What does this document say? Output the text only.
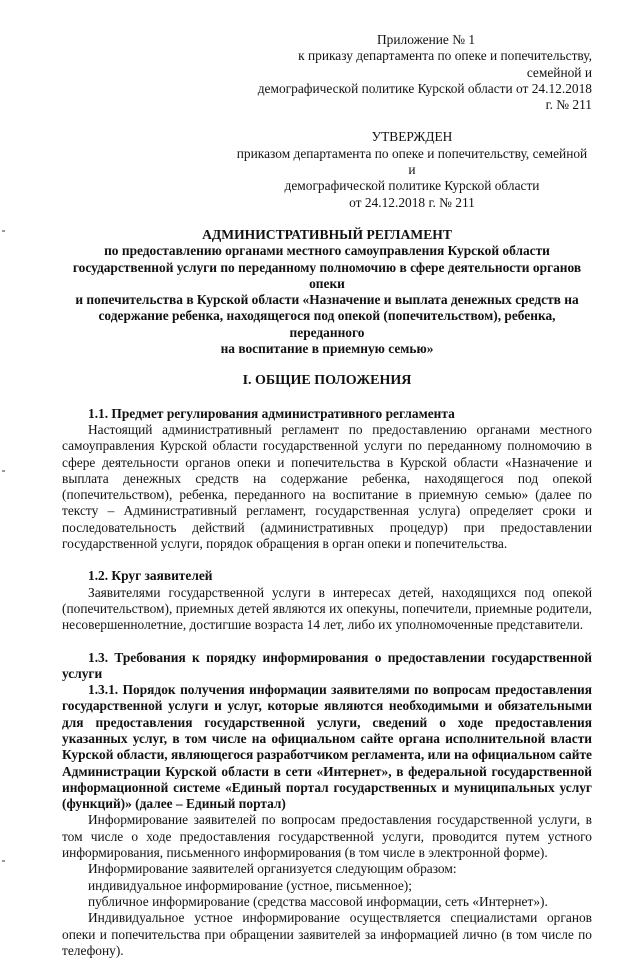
Приложение № 1
к приказу департамента по опеке и попечительству, семейной и
демографической политике Курской области от 24.12.2018 г. № 211
УТВЕРЖДЕН
приказом департамента по опеке и попечительству, семейной и
демографической политике Курской области
от 24.12.2018 г. № 211
АДМИНИСТРАТИВНЫЙ РЕГЛАМЕНТ
по предоставлению органами местного самоуправления Курской области
государственной услуги по переданному полномочию в сфере деятельности органов опеки
и попечительства в Курской области «Назначение и выплата денежных средств на
содержание ребенка, находящегося под опекой (попечительством), ребенка, переданного
на воспитание в приемную семью»
I. ОБЩИЕ ПОЛОЖЕНИЯ

1.1. Предмет регулирования административного регламента

Настоящий административный регламент по предоставлению органами местного самоуправления Курской области государственной услуги по переданному полномочию в сфере деятельности органов опеки и попечительства в Курской области «Назначение и выплата денежных средств на содержание ребенка, находящегося под опекой (попечительством), ребенка, переданного на воспитание в приемную семью» (далее по тексту – Административный регламент, государственная услуга) определяет сроки и последовательность действий (административных процедур) при предоставлении государственной услуги, порядок обращения в орган опеки и попечительства.

1.2. Круг заявителей

Заявителями государственной услуги в интересах детей, находящихся под опекой (попечительством), приемных детей являются их опекуны, попечители, приемные родители, несовершеннолетние, достигшие возраста 14 лет, либо их уполномоченные представители.

1.3. Требования к порядку информирования о предоставлении государственной услуги

1.3.1. Порядок получения информации заявителями по вопросам предоставления государственной услуги и услуг, которые являются необходимыми и обязательными для предоставления государственной услуги, сведений о ходе предоставления указанных услуг, в том числе на официальном сайте органа исполнительной власти Курской области, являющегося разработчиком регламента, или на официальном сайте Администрации Курской области в сети «Интернет», в федеральной государственной информационной системе «Единый портал государственных и муниципальных услуг (функций)» (далее – Единый портал)

Информирование заявителей по вопросам предоставления государственной услуги, в том числе о ходе предоставления государственной услуги, проводится путем устного информирования, письменного информирования (в том числе в электронной форме).

Информирование заявителей организуется следующим образом:

индивидуальное информирование (устное, письменное);

публичное информирование (средства массовой информации, сеть «Интернет»).

Индивидуальное устное информирование осуществляется специалистами органов опеки и попечительства при обращении заявителей за информацией лично (в том числе по телефону).
